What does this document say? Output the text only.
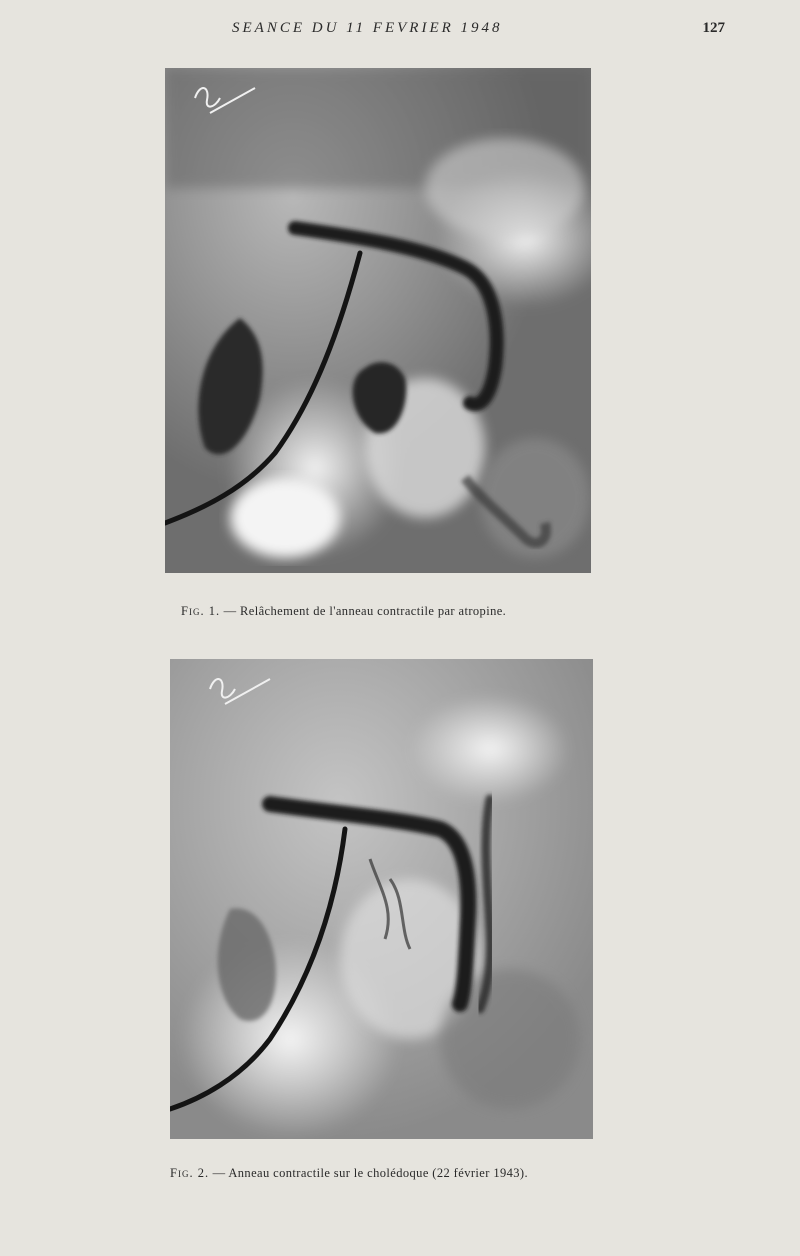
SEANCE DU 11 FEVRIER 1948	127
Fig. 1. — Relâchement de l'anneau contractile par atropine.
Fig. 2. — Anneau contractile sur le cholédoque (22 février 1943).
